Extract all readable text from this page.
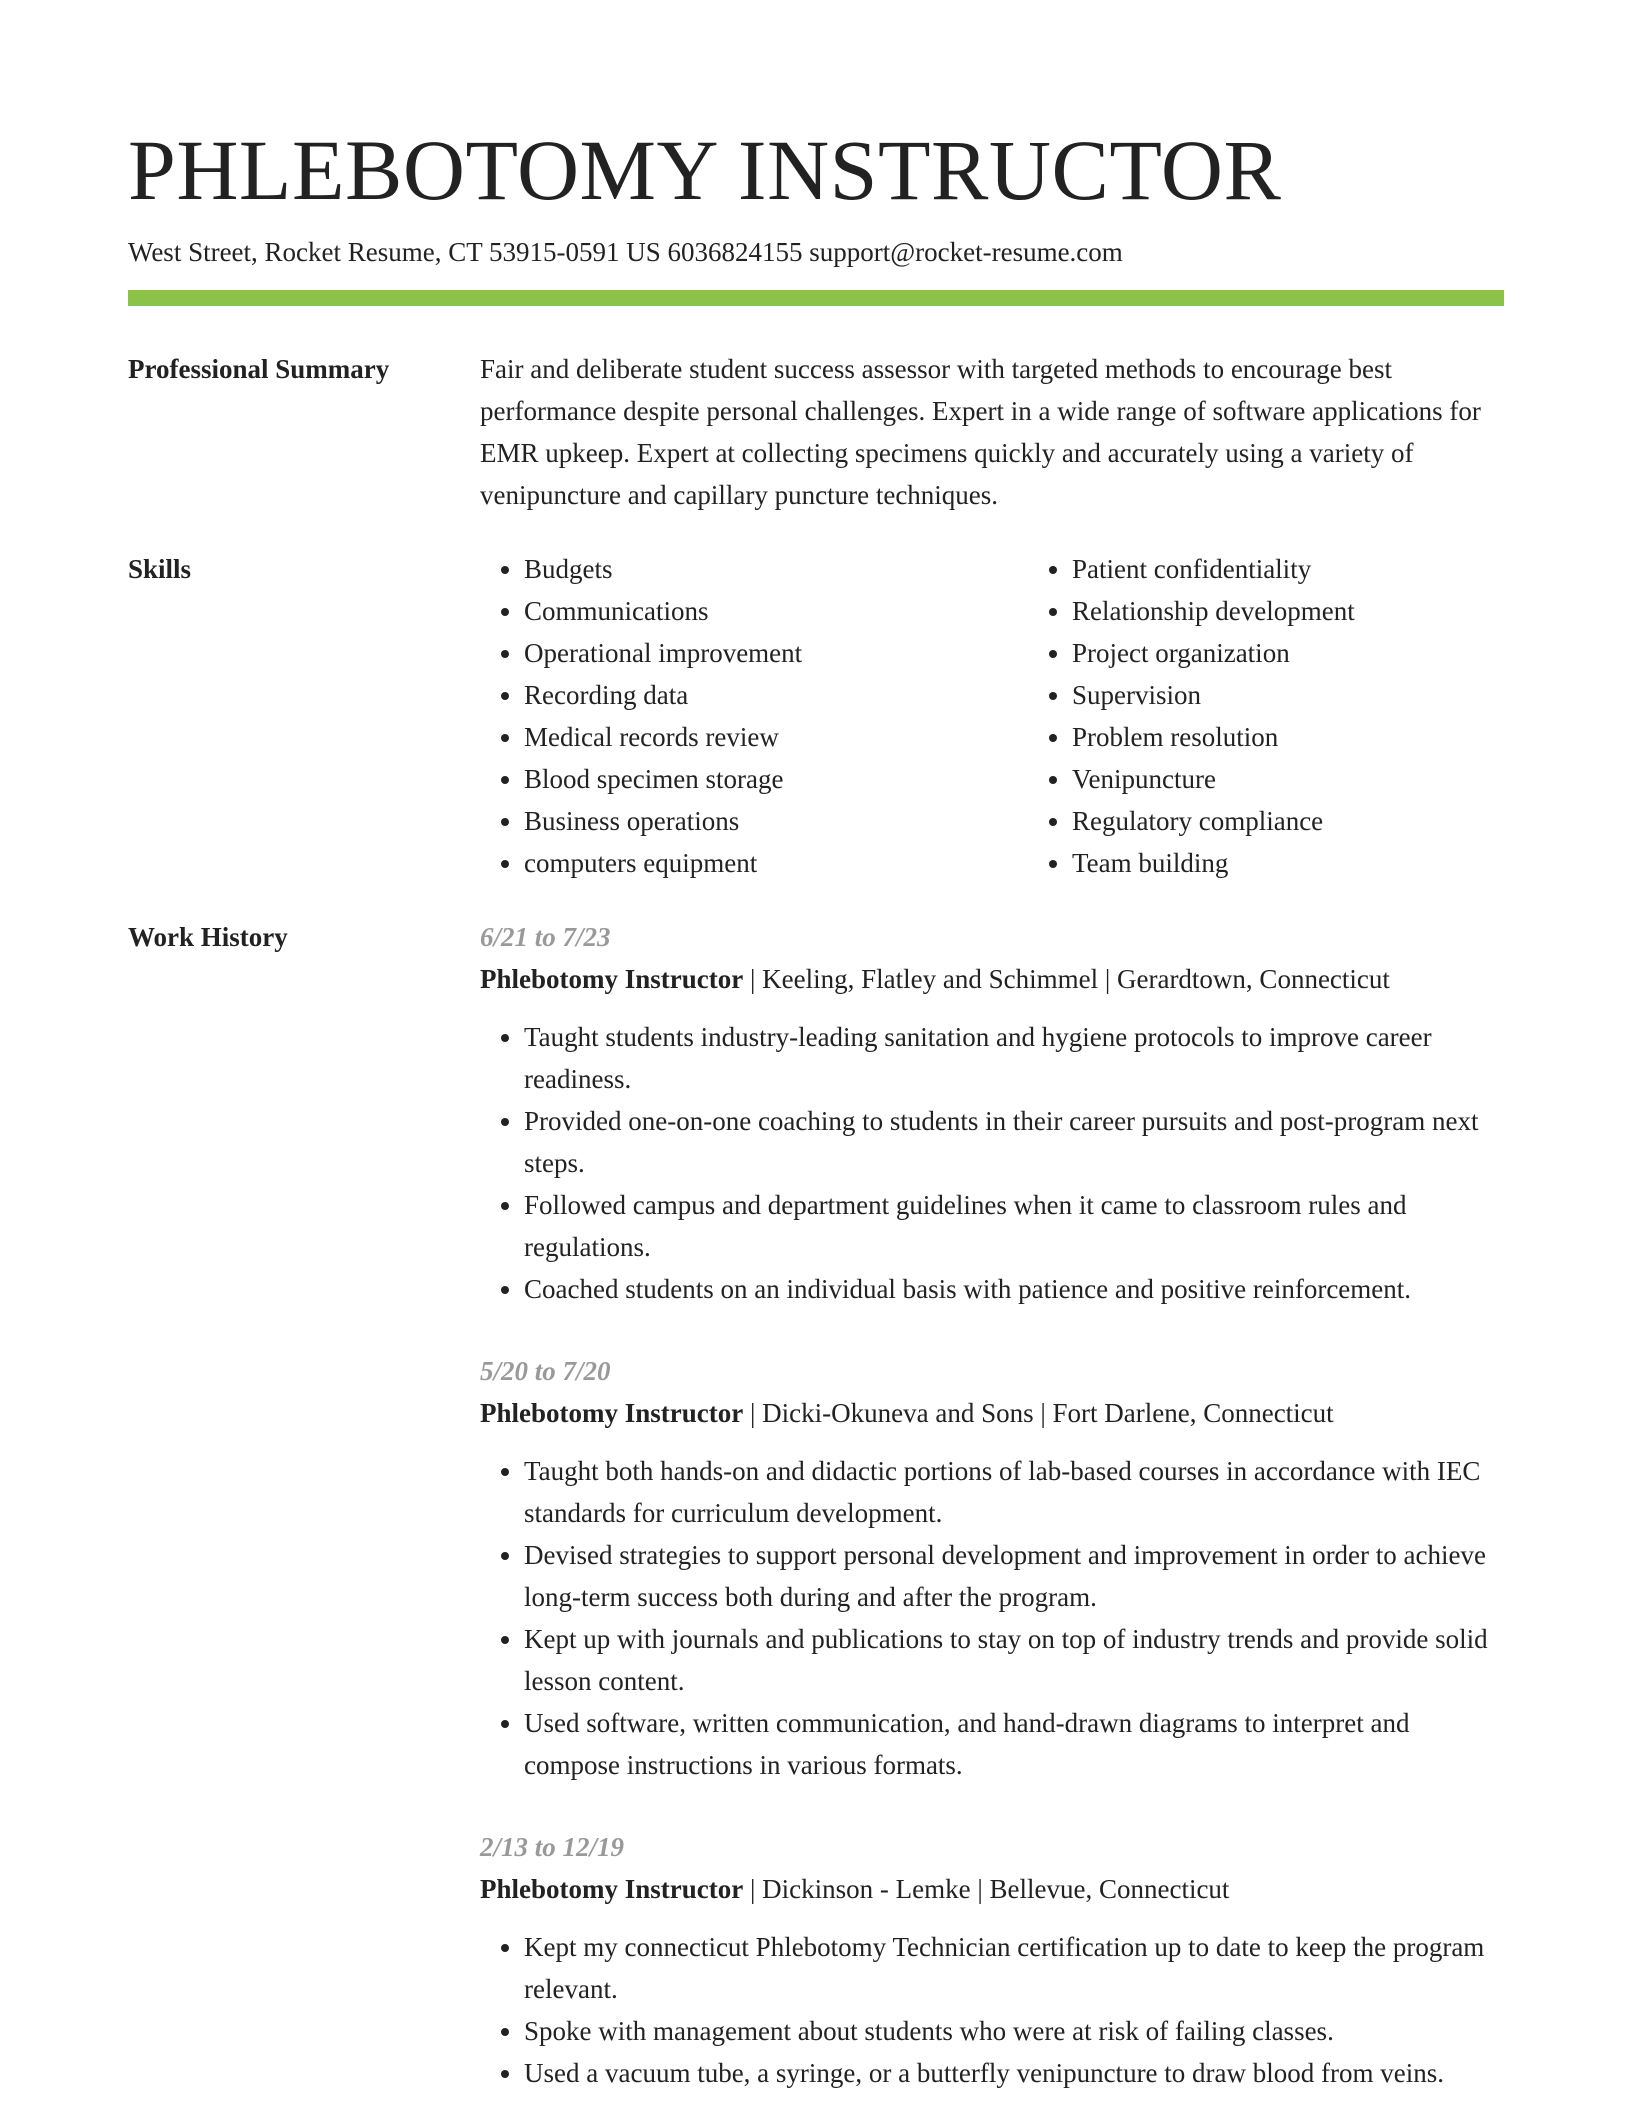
PHLEBOTOMY INSTRUCTOR
West Street, Rocket Resume, CT 53915-0591 US 6036824155 support@rocket-resume.com
Professional Summary	Fair and deliberate student success assessor with targeted methods to encourage best performance despite personal challenges. Expert in a wide range of software applications for EMR upkeep. Expert at collecting specimens quickly and accurately using a variety of venipuncture and capillary puncture techniques.

Skills
•	Budgets
• Communications
• Operational improvement
• Recording data
• Medical records review
• Blood specimen storage
• Business operations
• computers equipment
• Patient confidentiality
• Relationship development
• Project organization
• Supervision
• Problem resolution
• Venipuncture
• Regulatory compliance
• Team building
Work History	6/21 to 7/23
Phlebotomy Instructor | Keeling, Flatley and Schimmel | Gerardtown, Connecticut
• Taught students industry-leading sanitation and hygiene protocols to improve career readiness.
• Provided one-on-one coaching to students in their career pursuits and post-program next steps.
• Followed campus and department guidelines when it came to classroom rules and regulations.
• Coached students on an individual basis with patience and positive reinforcement.
5/20 to 7/20
Phlebotomy Instructor | Dicki-Okuneva and Sons | Fort Darlene, Connecticut
• Taught both hands-on and didactic portions of lab-based courses in accordance with IEC standards for curriculum development.
• Devised strategies to support personal development and improvement in order to achieve long-term success both during and after the program.
• Kept up with journals and publications to stay on top of industry trends and provide solid lesson content.
• Used software, written communication, and hand-drawn diagrams to interpret and compose instructions in various formats.
2/13 to 12/19
Phlebotomy Instructor | Dickinson - Lemke | Bellevue, Connecticut
• Kept my connecticut Phlebotomy Technician certification up to date to keep the program relevant.
• Spoke with management about students who were at risk of failing classes.
• Used a vacuum tube, a syringe, or a butterfly venipuncture to draw blood from veins.
